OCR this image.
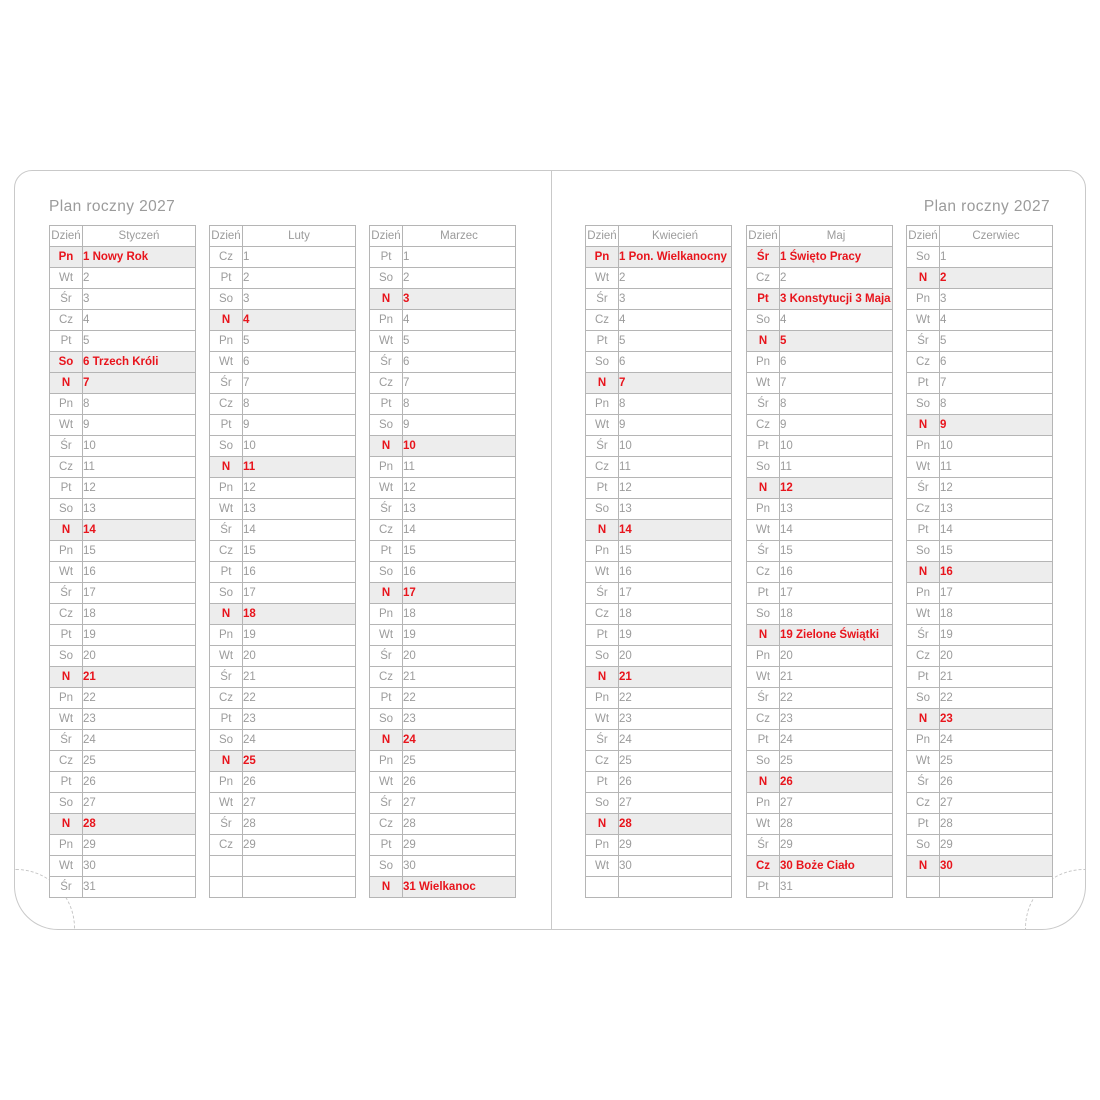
Plan roczny 2027	Plan roczny 2027
Dzień	Styczeń
Pn	1 Nowy Rok
Wt	2
Śr	3
Cz	4
Pt	5
So	6 Trzech Króli
N	7
Pn	8
Wt	9
Śr	10
Cz	11
Pt	12
So	13
N	14
Pn	15
Wt	16
Śr	17
Cz	18
Pt	19
So	20
N	21
Pn	22
Wt	23
Śr	24
Cz	25
Pt	26
So	27
N	28
Pn	29
Wt	30
Śr	31
Dzień	Luty
Cz	1
Pt	2
So	3
N	4
Pn	5
Wt	6
Śr	7
Cz	8
Pt	9
So	10
N	11
Pn	12
Wt	13
Śr	14
Cz	15
Pt	16
So	17
N	18
Pn	19
Wt	20
Śr	21
Cz	22
Pt	23
So	24
N	25
Pn	26
Wt	27
Śr	28
Cz	29

Dzień	Marzec
Pt	1
So	2
N	3
Pn	4
Wt	5
Śr	6
Cz	7
Pt	8
So	9
N	10
Pn	11
Wt	12
Śr	13
Cz	14
Pt	15
So	16
N	17
Pn	18
Wt	19
Śr	20
Cz	21
Pt	22
So	23
N	24
Pn	25
Wt	26
Śr	27
Cz	28
Pt	29
So	30
N	31 Wielkanoc
Dzień	Kwiecień
Pn	1 Pon. Wielkanocny
Wt	2
Śr	3
Cz	4
Pt	5
So	6
N	7
Pn	8
Wt	9
Śr	10
Cz	11
Pt	12
So	13
N	14
Pn	15
Wt	16
Śr	17
Cz	18
Pt	19
So	20
N	21
Pn	22
Wt	23
Śr	24
Cz	25
Pt	26
So	27
N	28
Pn	29
Wt	30

Dzień	Maj
Śr	1 Święto Pracy
Cz	2
Pt	3 Konstytucji 3 Maja
So	4
N	5
Pn	6
Wt	7
Śr	8
Cz	9
Pt	10
So	11
N	12
Pn	13
Wt	14
Śr	15
Cz	16
Pt	17
So	18
N	19 Zielone Świątki
Pn	20
Wt	21
Śr	22
Cz	23
Pt	24
So	25
N	26
Pn	27
Wt	28
Śr	29
Cz	30 Boże Ciało
Pt	31
Dzień	Czerwiec
So	1
N	2
Pn	3
Wt	4
Śr	5
Cz	6
Pt	7
So	8
N	9
Pn	10
Wt	11
Śr	12
Cz	13
Pt	14
So	15
N	16
Pn	17
Wt	18
Śr	19
Cz	20
Pt	21
So	22
N	23
Pn	24
Wt	25
Śr	26
Cz	27
Pt	28
So	29
N	30
